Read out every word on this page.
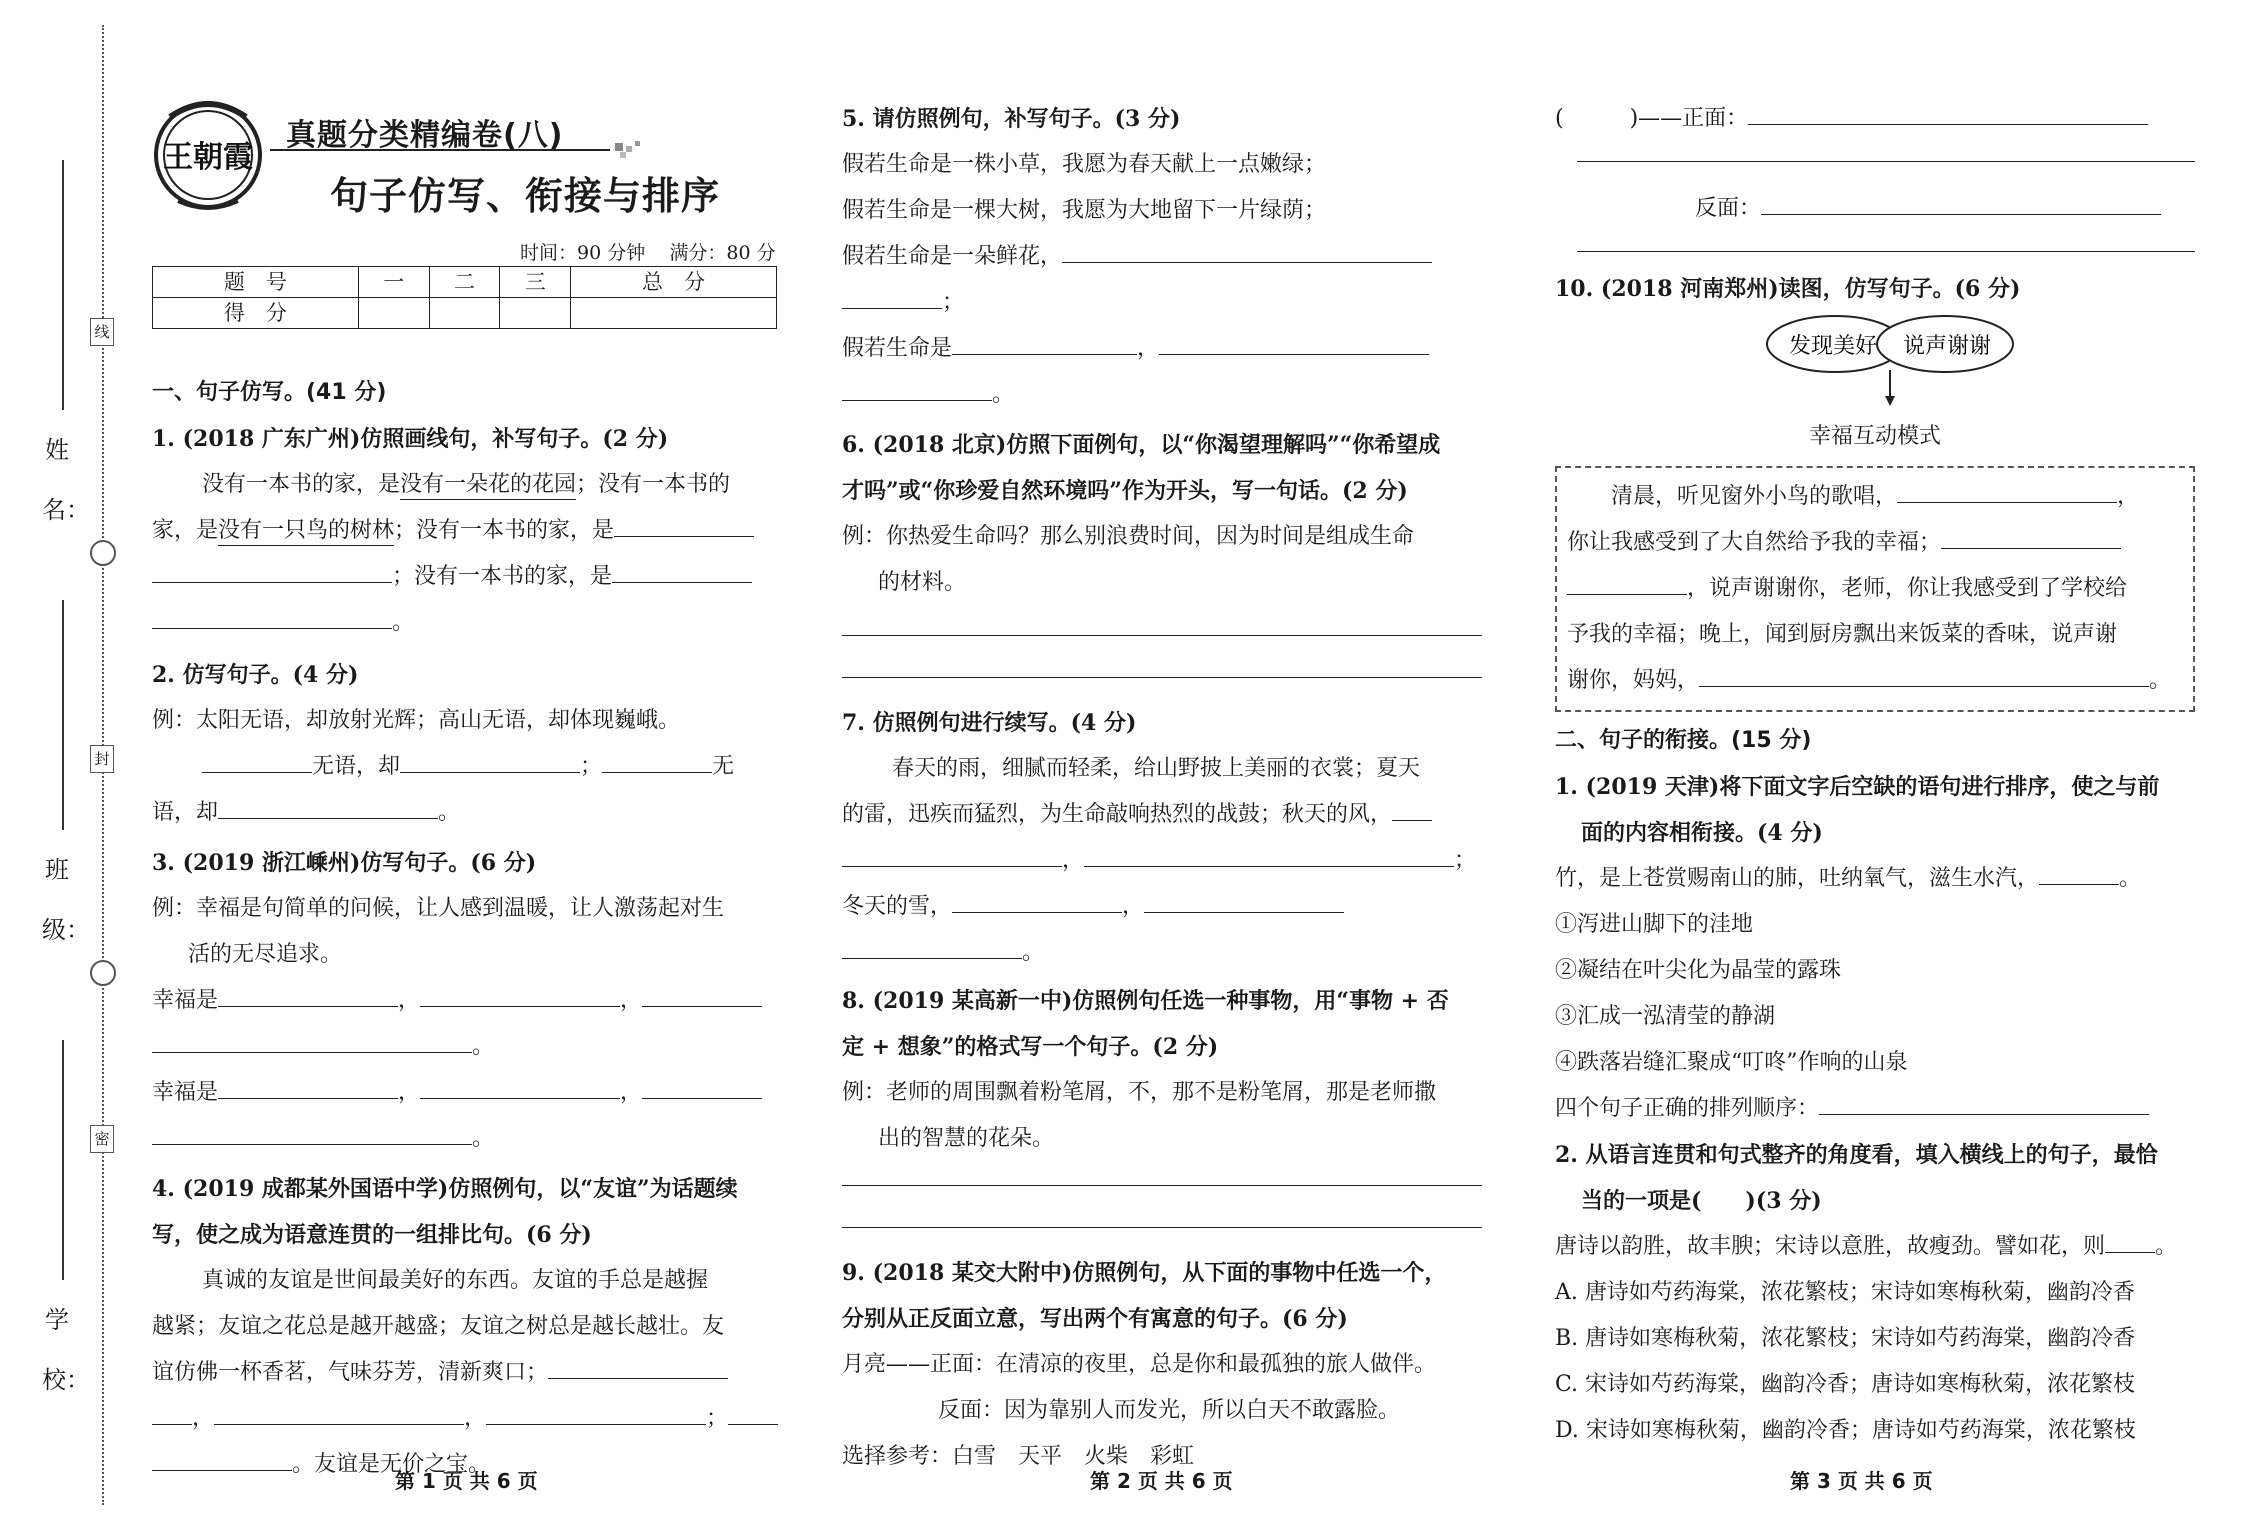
姓名：
班级：
学校：
线
封
密
王朝霞
真题分类精编卷(八)
句子仿写、衔接与排序
时间：90 分钟    满分：80 分
题　号	一	二	三	总　分
得　分				

一、句子仿写。(41 分)

1. (2018 广东广州)仿照画线句，补写句子。(2 分)

没有一本书的家，是没有一朵花的花园；没有一本书的

家，是没有一只鸟的树林；没有一本书的家，是

；没有一本书的家，是

。

2. 仿写句子。(4 分)

例：太阳无语，却放射光辉；高山无语，却体现巍峨。

无语，却	；	无

语，却	。

3. (2019 浙江嵊州)仿写句子。(6 分)

例：幸福是句简单的问候，让人感到温暖，让人激荡起对生

活的无尽追求。

幸福是	，	，

。

幸福是	，	，

。

4. (2019 成都某外国语中学)仿照例句，以“友谊”为话题续

写，使之成为语意连贯的一组排比句。(6 分)

真诚的友谊是世间最美好的东西。友谊的手总是越握

越紧；友谊之花总是越开越盛；友谊之树总是越长越壮。友

谊仿佛一杯香茗，气味芬芳，清新爽口；

，	，	；

。友谊是无价之宝。

第 1 页 共 6 页

5. 请仿照例句，补写句子。(3 分)

假若生命是一株小草，我愿为春天献上一点嫩绿；

假若生命是一棵大树，我愿为大地留下一片绿荫；

假若生命是一朵鲜花，

；

假若生命是	，

。

6. (2018 北京)仿照下面例句，以“你渴望理解吗”“你希望成

才吗”或“你珍爱自然环境吗”作为开头，写一句话。(2 分)

例：你热爱生命吗？那么别浪费时间，因为时间是组成生命

的材料。

7. 仿照例句进行续写。(4 分)

春天的雨，细腻而轻柔，给山野披上美丽的衣裳；夏天

的雷，迅疾而猛烈，为生命敲响热烈的战鼓；秋天的风，

，	；

冬天的雪，	，

。

8. (2019 某高新一中)仿照例句任选一种事物，用“事物 + 否

定 + 想象”的格式写一个句子。(2 分)

例：老师的周围飘着粉笔屑，不，那不是粉笔屑，那是老师撒

出的智慧的花朵。

9. (2018 某交大附中)仿照例句，从下面的事物中任选一个，

分别从正反面立意，写出两个有寓意的句子。(6 分)

月亮——正面：在清凉的夜里，总是你和最孤独的旅人做伴。

反面：因为靠别人而发光，所以白天不敢露脸。

选择参考：白雪　天平　火柴　彩虹

第 2 页 共 6 页

(　　　)——正面：

反面：

10. (2018 河南郑州)读图，仿写句子。(6 分)

发现美好 说声谢谢

幸福互动模式

清晨，听见窗外小鸟的歌唱，	，

你让我感受到了大自然给予我的幸福；

，说声谢谢你，老师，你让我感受到了学校给

予我的幸福；晚上，闻到厨房飘出来饭菜的香味，说声谢

谢你，妈妈，	。

二、句子的衔接。(15 分)

1. (2019 天津)将下面文字后空缺的语句进行排序，使之与前

面的内容相衔接。(4 分)

竹，是上苍赏赐南山的肺，吐纳氧气，滋生水汽，	。

①泻进山脚下的洼地

②凝结在叶尖化为晶莹的露珠

③汇成一泓清莹的静湖

④跌落岩缝汇聚成“叮咚”作响的山泉

四个句子正确的排列顺序：

2. 从语言连贯和句式整齐的角度看，填入横线上的句子，最恰

当的一项是(　　)(3 分)

唐诗以韵胜，故丰腴；宋诗以意胜，故瘦劲。譬如花，则 。

A. 唐诗如芍药海棠，浓花繁枝；宋诗如寒梅秋菊，幽韵冷香

B. 唐诗如寒梅秋菊，浓花繁枝；宋诗如芍药海棠，幽韵冷香

C. 宋诗如芍药海棠，幽韵冷香；唐诗如寒梅秋菊，浓花繁枝

D. 宋诗如寒梅秋菊，幽韵冷香；唐诗如芍药海棠，浓花繁枝

第 3 页 共 6 页
